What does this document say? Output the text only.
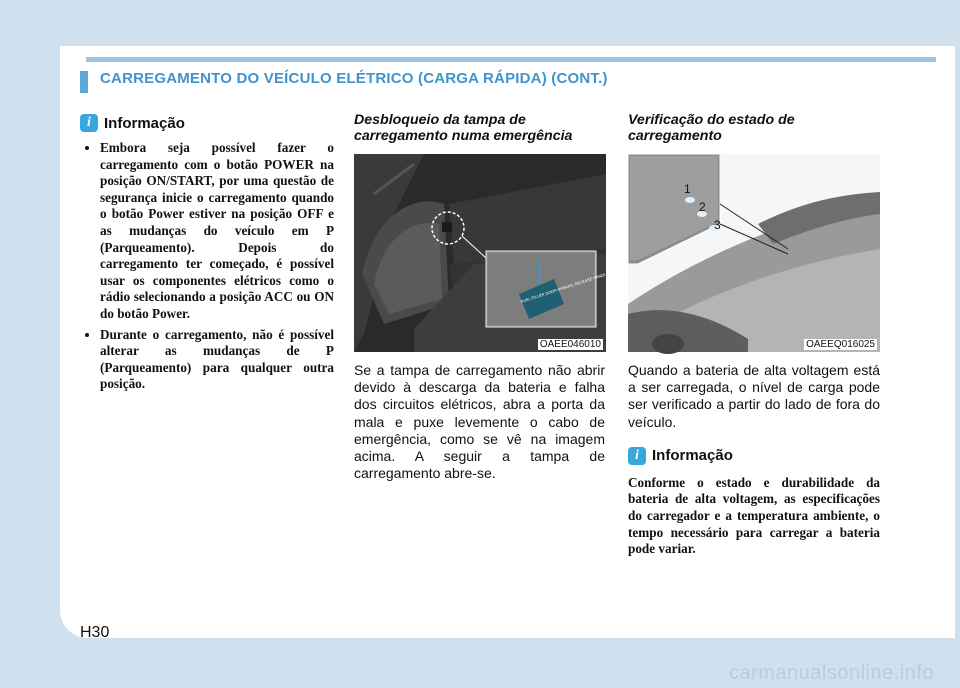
CARREGAMENTO DO VEÍCULO ELÉTRICO (CARGA RÁPIDA) (CONT.)
i Informação
• Embora seja possível fazer o carregamento com o botão POWER na posição ON/START, por uma questão de segurança inicie o carregamento quando o botão Power estiver na posição OFF e as mudanças do veículo em P (Parqueamento). Depois do carregamento ter começado, é possível usar os componentes elétricos como o rádio selecionando a posição ACC ou ON do botão Power.
• Durante o carregamento, não é possível alterar as mudanças de P (Parqueamento) para qualquer outra posição.
Desbloqueio da tampa de carregamento numa emergência
FUEL FILLER DOOR MANUAL RELEASE HANDLE
OAEE046010

Se a tampa de carregamento não abrir devido à descarga da bateria e falha dos circuitos elétricos, abra a porta da mala e puxe levemente o cabo de emergência, como se vê na imagem acima. A seguir a tampa de carregamento abre-se.

Verificação do estado de carregamento
1
2
3
OAEEQ016025

Quando a bateria de alta voltagem está a ser carregada, o nível de carga pode ser verificado a partir do lado de fora do veículo.

i Informação

Conforme o estado e durabilidade da bateria de alta voltagem, as especificações do carregador e a temperatura ambiente, o tempo necessário para carregar a bateria pode variar.

H30
carmanualsonline.info
